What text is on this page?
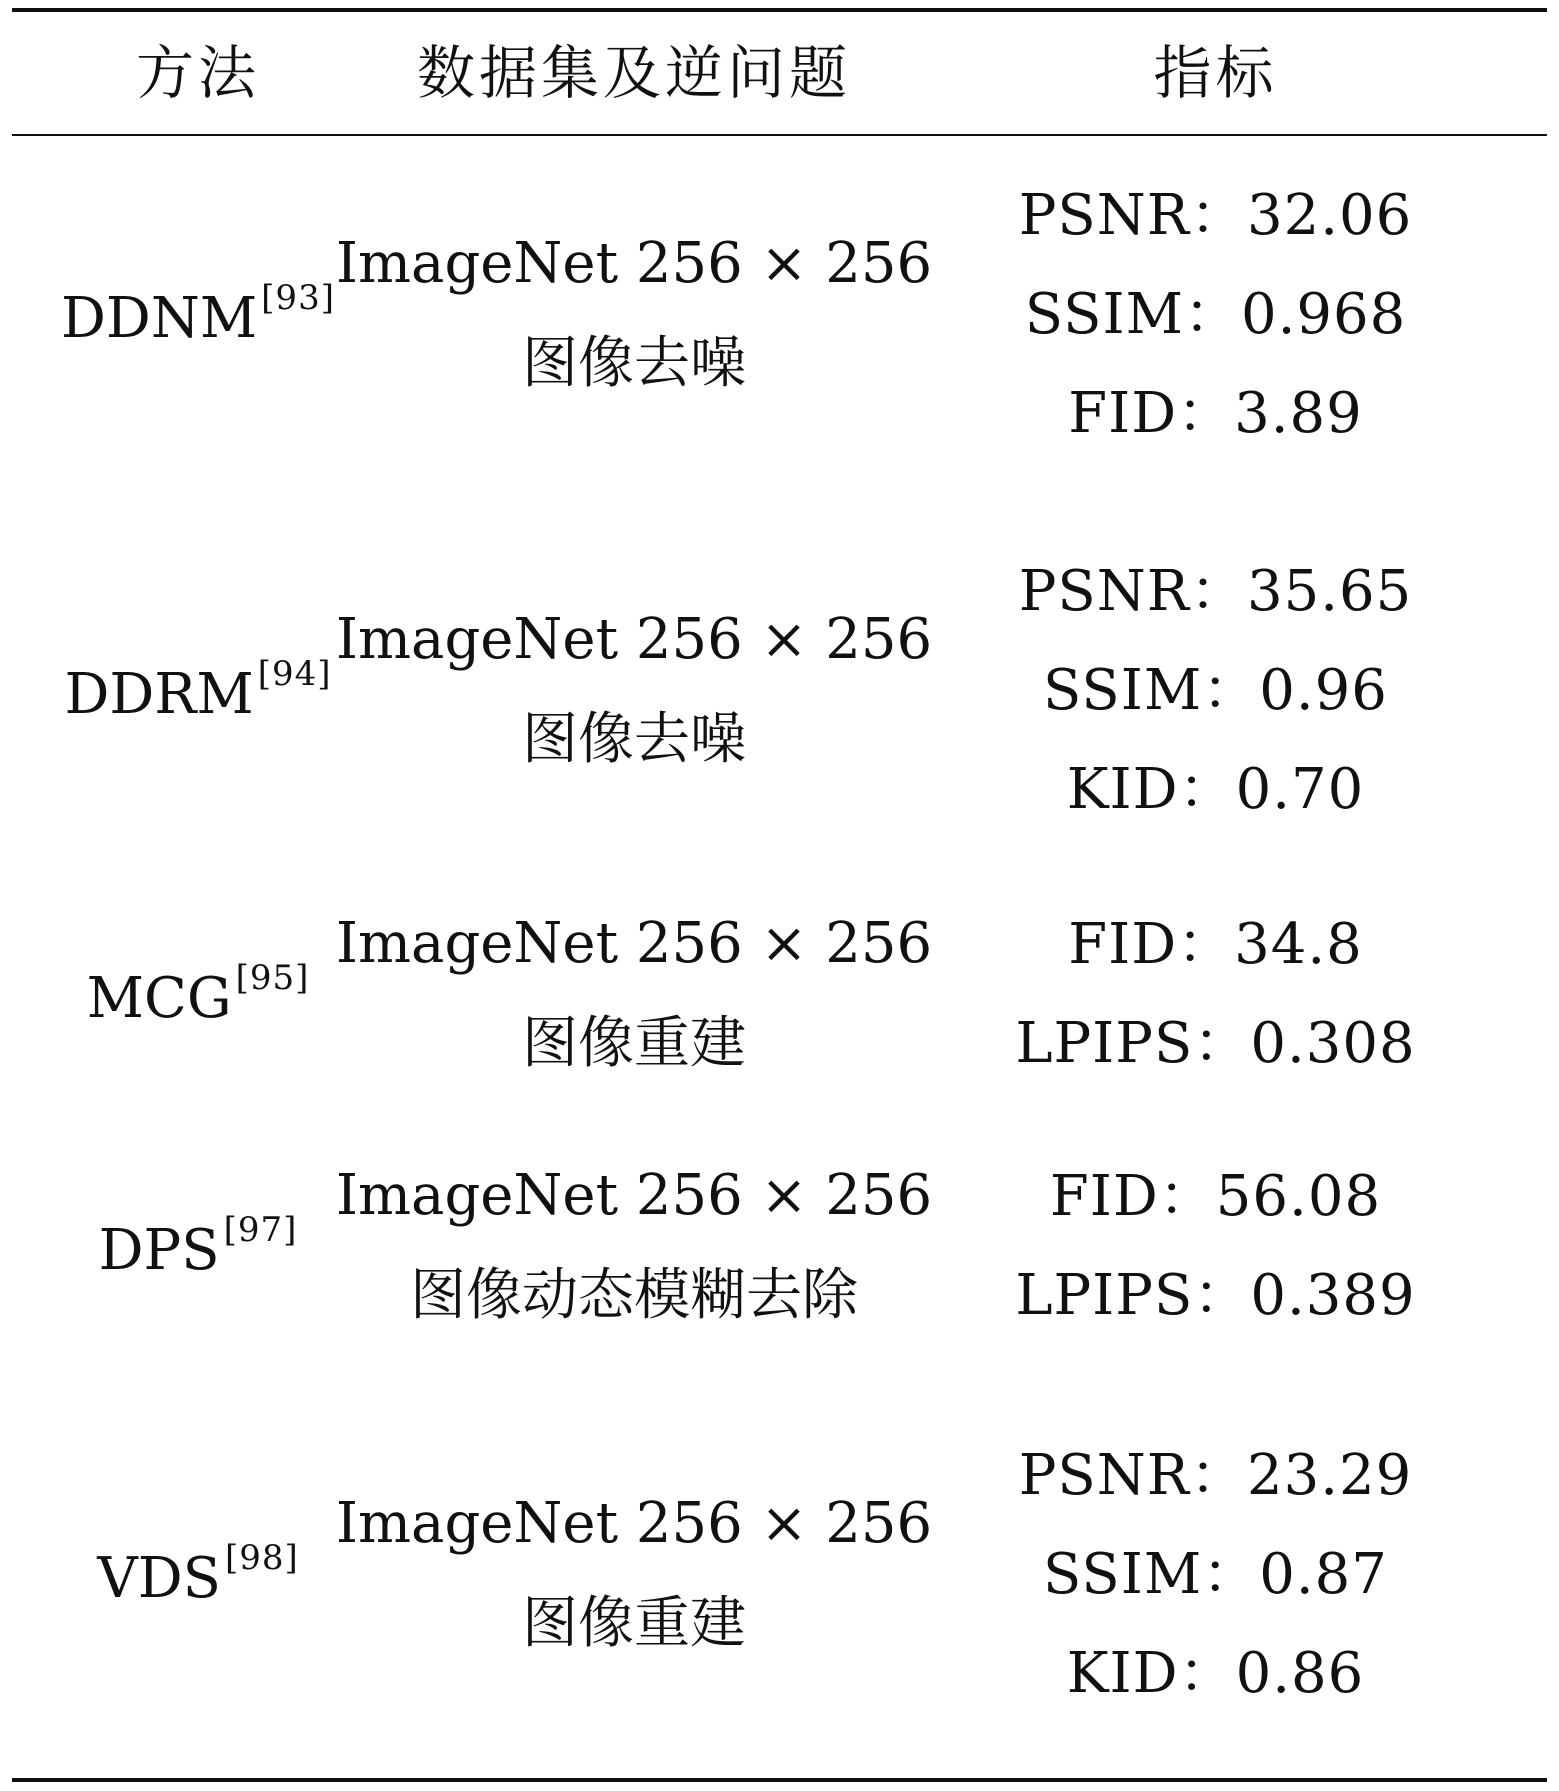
方法	数据集及逆问题	指标
DDNM [93]
ImageNet 256 × 256
图像去噪
PSNR：32.06
SSIM：0.968
FID：3.89
DDRM [94]
ImageNet 256 × 256
图像去噪
PSNR：35.65
SSIM：0.96
KID：0.70
MCG [95]
ImageNet 256 × 256
图像重建
FID：34.8
LPIPS：0.308
DPS [97]
ImageNet 256 × 256
图像动态模糊去除
FID：56.08
LPIPS：0.389
VDS [98]
ImageNet 256 × 256
图像重建
PSNR：23.29
SSIM：0.87
KID：0.86
